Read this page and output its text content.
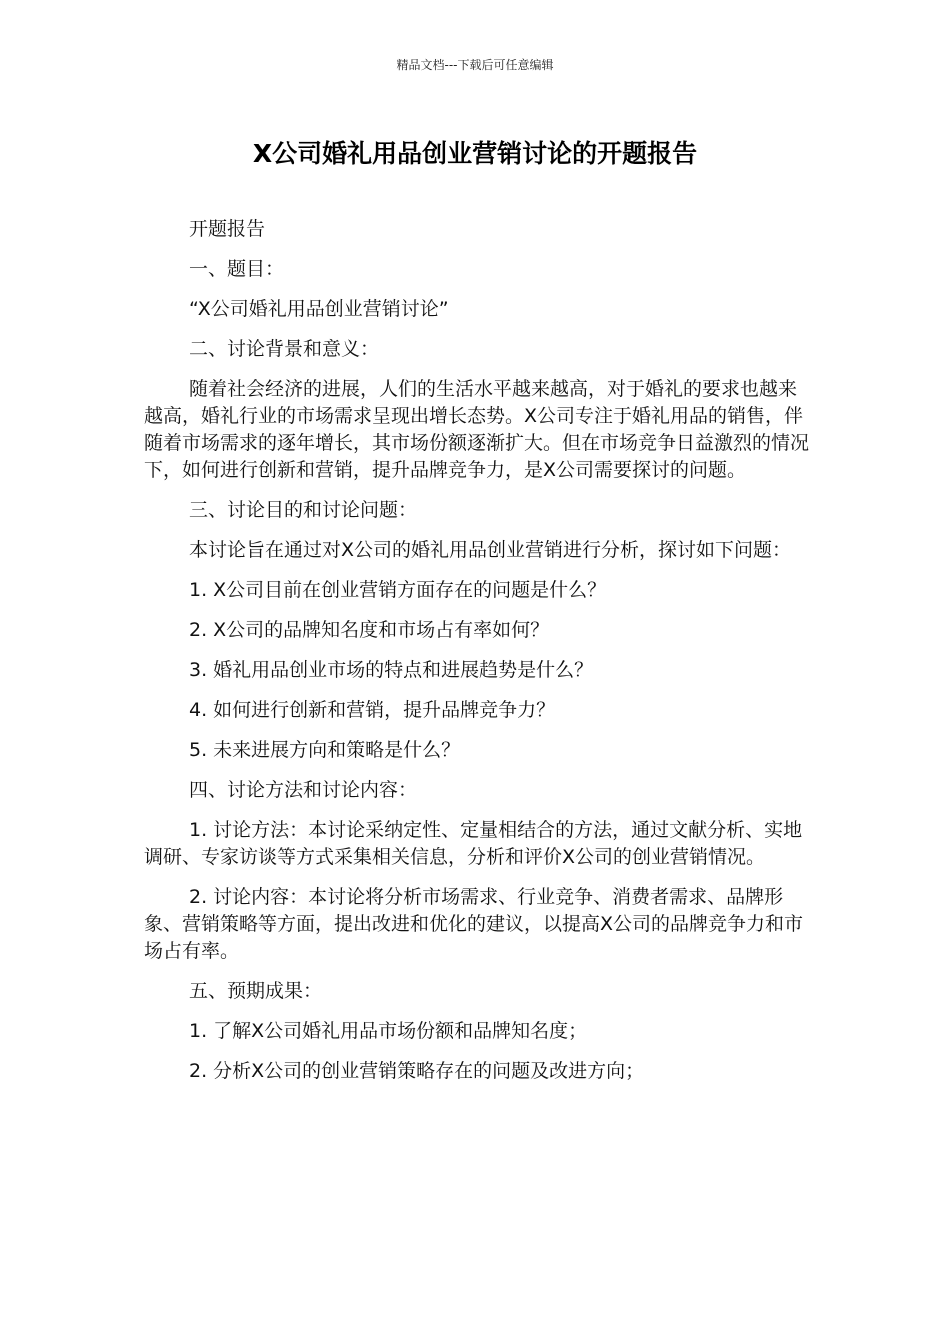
精品文档---下载后可任意编辑
X公司婚礼用品创业营销讨论的开题报告

开题报告

一、题目：

“X公司婚礼用品创业营销讨论”

二、讨论背景和意义：

随着社会经济的进展，人们的生活水平越来越高，对于婚礼的要求也越来越高，婚礼行业的市场需求呈现出增长态势。X公司专注于婚礼用品的销售，伴随着市场需求的逐年增长，其市场份额逐渐扩大。但在市场竞争日益激烈的情况下，如何进行创新和营销，提升品牌竞争力，是X公司需要探讨的问题。

三、讨论目的和讨论问题：

本讨论旨在通过对X公司的婚礼用品创业营销进行分析，探讨如下问题：

1. X公司目前在创业营销方面存在的问题是什么？

2. X公司的品牌知名度和市场占有率如何？

3. 婚礼用品创业市场的特点和进展趋势是什么？

4. 如何进行创新和营销，提升品牌竞争力？

5. 未来进展方向和策略是什么？

四、讨论方法和讨论内容：

1. 讨论方法：本讨论采纳定性、定量相结合的方法，通过文献分析、实地调研、专家访谈等方式采集相关信息，分析和评价X公司的创业营销情况。

2. 讨论内容：本讨论将分析市场需求、行业竞争、消费者需求、品牌形象、营销策略等方面，提出改进和优化的建议，以提高X公司的品牌竞争力和市场占有率。

五、预期成果：

1. 了解X公司婚礼用品市场份额和品牌知名度；

2. 分析X公司的创业营销策略存在的问题及改进方向；
